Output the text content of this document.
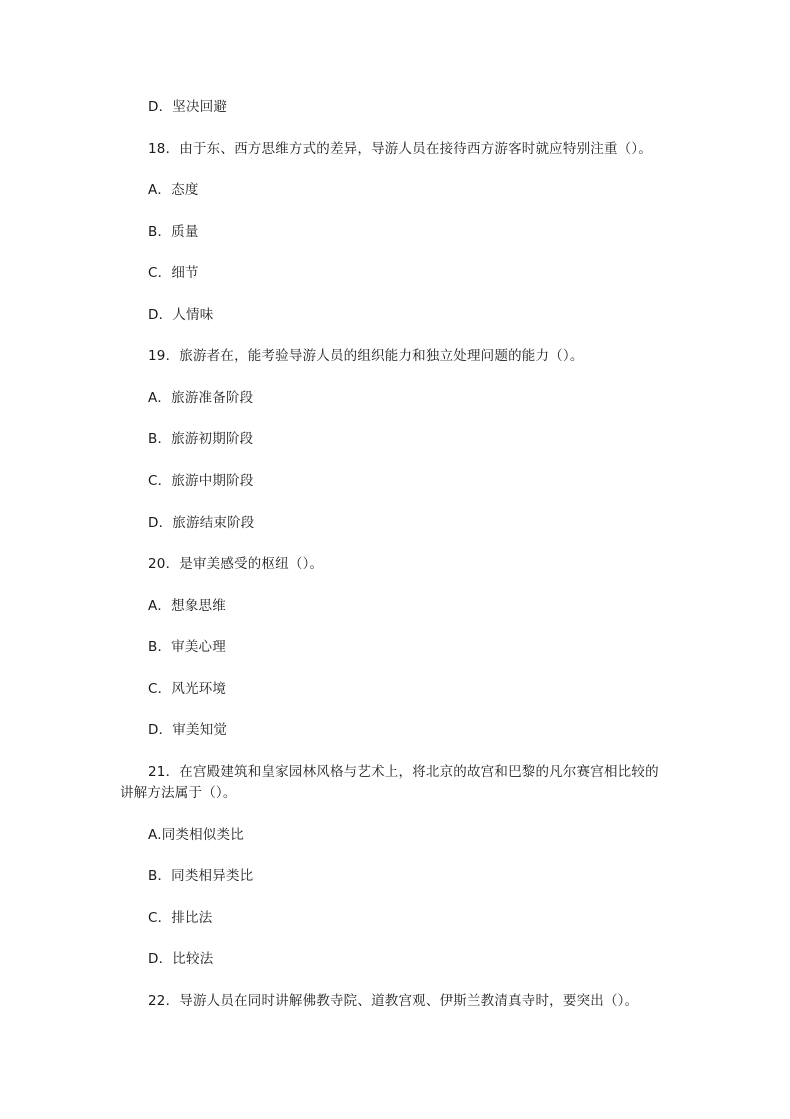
D．坚决回避
18．由于东、西方思维方式的差异，导游人员在接待西方游客时就应特别注重（）。
A．态度
B．质量
C．细节
D．人情味
19．旅游者在，能考验导游人员的组织能力和独立处理问题的能力（）。
A．旅游准备阶段
B．旅游初期阶段
C．旅游中期阶段
D．旅游结束阶段
20．是审美感受的枢纽（）。
A．想象思维
B．审美心理
C．风光环境
D．审美知觉
21．在宫殿建筑和皇家园林风格与艺术上，将北京的故宫和巴黎的凡尔赛宫相比较的
讲解方法属于（）。
A.同类相似类比
B．同类相异类比
C．排比法
D．比较法
22．导游人员在同时讲解佛教寺院、道教宫观、伊斯兰教清真寺时，要突出（）。
